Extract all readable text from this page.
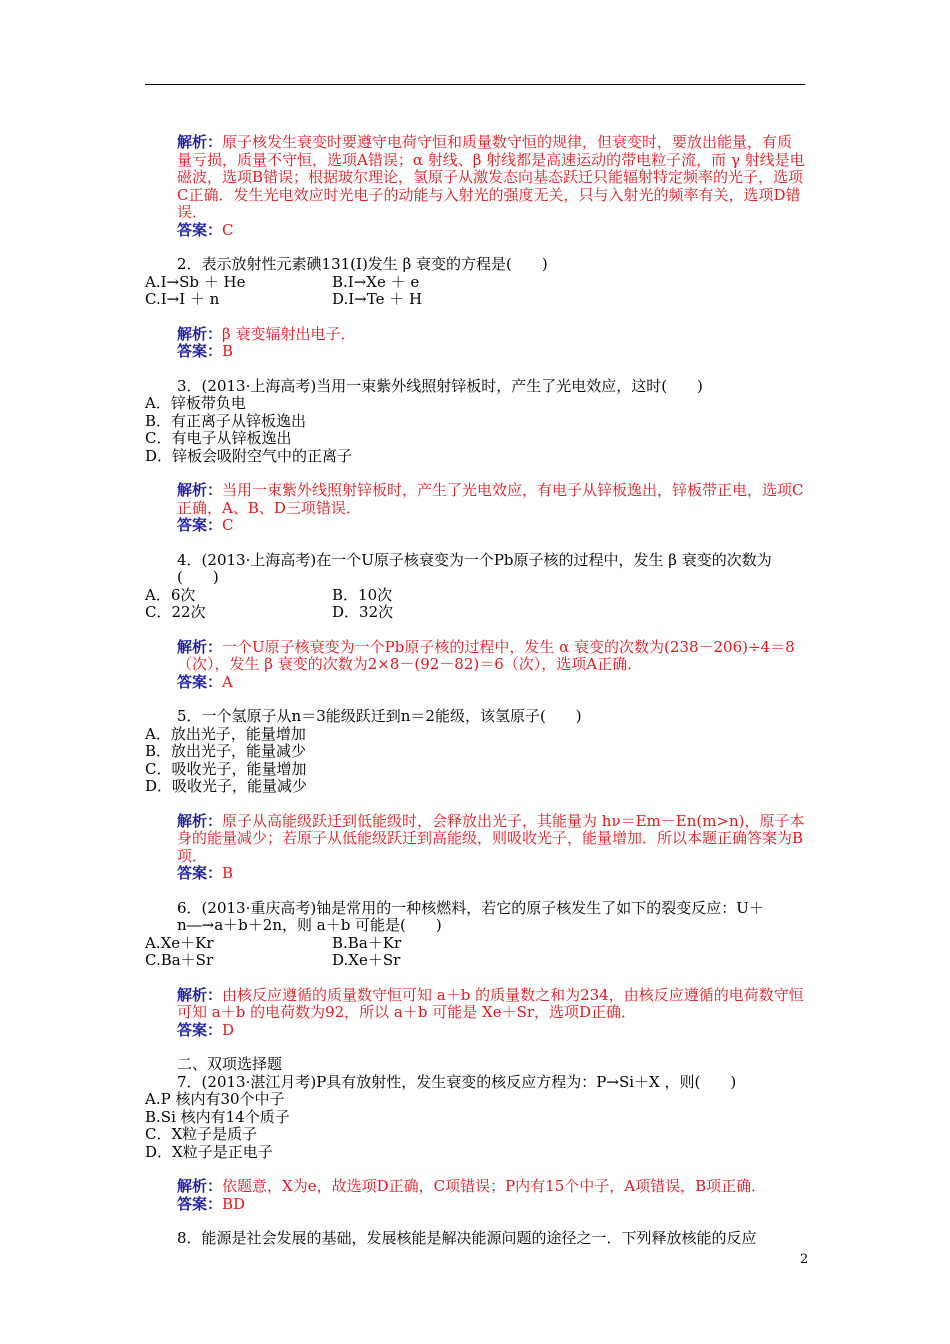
解析：原子核发生衰变时要遵守电荷守恒和质量数守恒的规律，但衰变时，要放出能量，有质量亏损，质量不守恒，选项A错误；α 射线、β 射线都是高速运动的带电粒子流，而 γ 射线是电磁波，选项B错误；根据玻尔理论，氢原子从激发态向基态跃迁只能辐射特定频率的光子，选项C正确．发生光电效应时光电子的动能与入射光的强度无关，只与入射光的频率有关，选项D错误．

答案：C

2．表示放射性元素碘131(I)发生 β 衰变的方程是(　　)

A.I→Sb ＋ He	B.I→Xe ＋ e
C.I→I ＋ n	D.I→Te ＋ H

解析：β 衰变辐射出电子．

答案：B

3．(2013·上海高考)当用一束紫外线照射锌板时，产生了光电效应，这时(　　)

A．锌板带负电

B．有正离子从锌板逸出

C．有电子从锌板逸出

D．锌板会吸附空气中的正离子

解析：当用一束紫外线照射锌板时，产生了光电效应，有电子从锌板逸出，锌板带正电，选项C正确，A、B、D三项错误．

答案：C

4．(2013·上海高考)在一个U原子核衰变为一个Pb原子核的过程中，发生 β 衰变的次数为(　　)

A．6次	B．10次
C．22次	D．32次

解析：一个U原子核衰变为一个Pb原子核的过程中，发生 α 衰变的次数为(238－206)÷4＝8（次），发生 β 衰变的次数为2×8－(92－82)＝6（次），选项A正确．

答案：A

5．一个氢原子从n＝3能级跃迁到n＝2能级，该氢原子(　　)

A．放出光子，能量增加

B．放出光子，能量减少

C．吸收光子，能量增加

D．吸收光子，能量减少

解析：原子从高能级跃迁到低能级时，会释放出光子，其能量为 hν＝Em－En(m>n)，原子本身的能量减少；若原子从低能级跃迁到高能级，则吸收光子，能量增加．所以本题正确答案为B项．

答案：B

6．(2013·重庆高考)铀是常用的一种核燃料，若它的原子核发生了如下的裂变反应：U＋n―→a＋b＋2n，则 a＋b 可能是(　　)

A.Xe＋Kr	B.Ba＋Kr
C.Ba＋Sr	D.Xe＋Sr

解析：由核反应遵循的质量数守恒可知 a＋b 的质量数之和为234，由核反应遵循的电荷数守恒可知 a＋b 的电荷数为92，所以 a＋b 可能是 Xe＋Sr，选项D正确．

答案：D

二、双项选择题

7．(2013·湛江月考)P具有放射性，发生衰变的核反应方程为：P→Si＋X ，则(　　)

A.P 核内有30个中子

B.Si 核内有14个质子

C．X粒子是质子

D．X粒子是正电子

解析：依题意，X为e，故选项D正确，C项错误；P内有15个中子，A项错误，B项正确．

答案：BD

8．能源是社会发展的基础，发展核能是解决能源问题的途径之一．下列释放核能的反应

2
